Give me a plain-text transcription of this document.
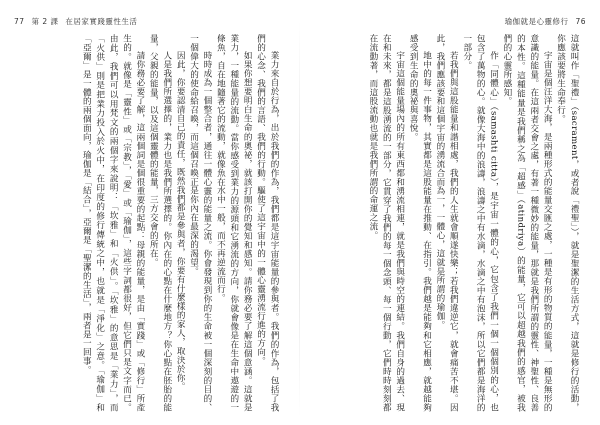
77 第 2 課 在居家實踐靈性生活

業力來自於行為，出於我們的作為，我們都是這宇宙能量的參與者。我們的作為，包括了我們的心念、我們的言語、我們的行動。驅使了這宇宙中的一體心靈湧流行進的方向。

如果你想要明白生命的奧祕，就該打開你的覺知和感知。請你務必要了解這個意涵。這就是業力，一種能量的流動。當你感受到業力的源頭和它湧流的方向，你就會像是在生命中遨遊的一條魚，自在地隨著它的流動，就像魚在水中一般，而不再逆流而行。

時時成為一個整合者，通往一體心靈的能量之流。你會發現到你的生命被一個深刻的目的、一個偉大的使命給召喚，而這個召喚正是你內在最深的渴望。

因此，你要認清自己的責任，既然我們都是參與者，你要有什麼樣的家人，取決於你。

人是我們所選擇的，業力也是我們所選擇的。你內在的心點在什麼地方？你心點在胚胎的能量，父親的能量，以及這個靈體的能量，三方交會的所在。

請你務必要了解，這兩個詞是個很重要的起點：母親的能量，是由「實踐」或「修行」所產生的。就像是「靈性」或「宗教」，「愛」或「瑜伽」，這些字詞都很好，但它們只是文字而已。由此，我們可以用梵文的兩個字來說明：「坎雅」和「火供」。「坎雅」的意思是「業力」，而「火供」則是把業力投入於火中，在印度的修行傳統之中，也就是「淨化」之意。「瑜伽」和「亞爾」是一體的兩個面向，瑜伽是「結合」，亞爾是「聖潔的生活」，兩者是一回事。

瑜伽就是心靈修行 76

這就叫作「聖禮」（sacrament，或者說「禮聖」），就是聖潔的生活方式，這就是修行的活動，你應該要將生命奉行。

宇宙是個汪洋大海，是兩種形式的能量交匯之處，一種是有形的物質的能量，一種是無形的意識的能量。在這兩者交會之處，有著一種微妙的能量，那就是我們所謂的靈性、神聖性、良善的本性。這種能量是我們稱之為「超感」（atindriya）的能量，它可以超越我們的感官，被我們的心靈所感知。

作「同體心」（samashti citta），是宇宙一體的心，它包含了我們一個一個個別的心，也包含了萬物的心。就像大海中的浪濤，浪濤之中有水滴，水滴之中有泡沫，所以它們都是海洋的一部分。

若我們與這股能量和諧相處，我們的人生就會順遂快樂；若我們違逆它，就會痛苦不堪。因此，我們應該要和這個宇宙的湧流合而為一，一體心，這就是所謂的瑜伽。

地中的每一件事物，其實都是這股能量在推動、在指引。我們越是能夠和它相應，就越能夠感受到生命的奧祕與喜悅。

宇宙這個能量場內的所有東西都和湧流相連，就是我們與時空的連結。我們自身的過去、現在和未來，都是這股湧流的一部分，它貫穿了我們的每一個念頭、每一個行動，它們時時刻刻都在流動著，而這股流動也就是我們所謂的命運之流。
